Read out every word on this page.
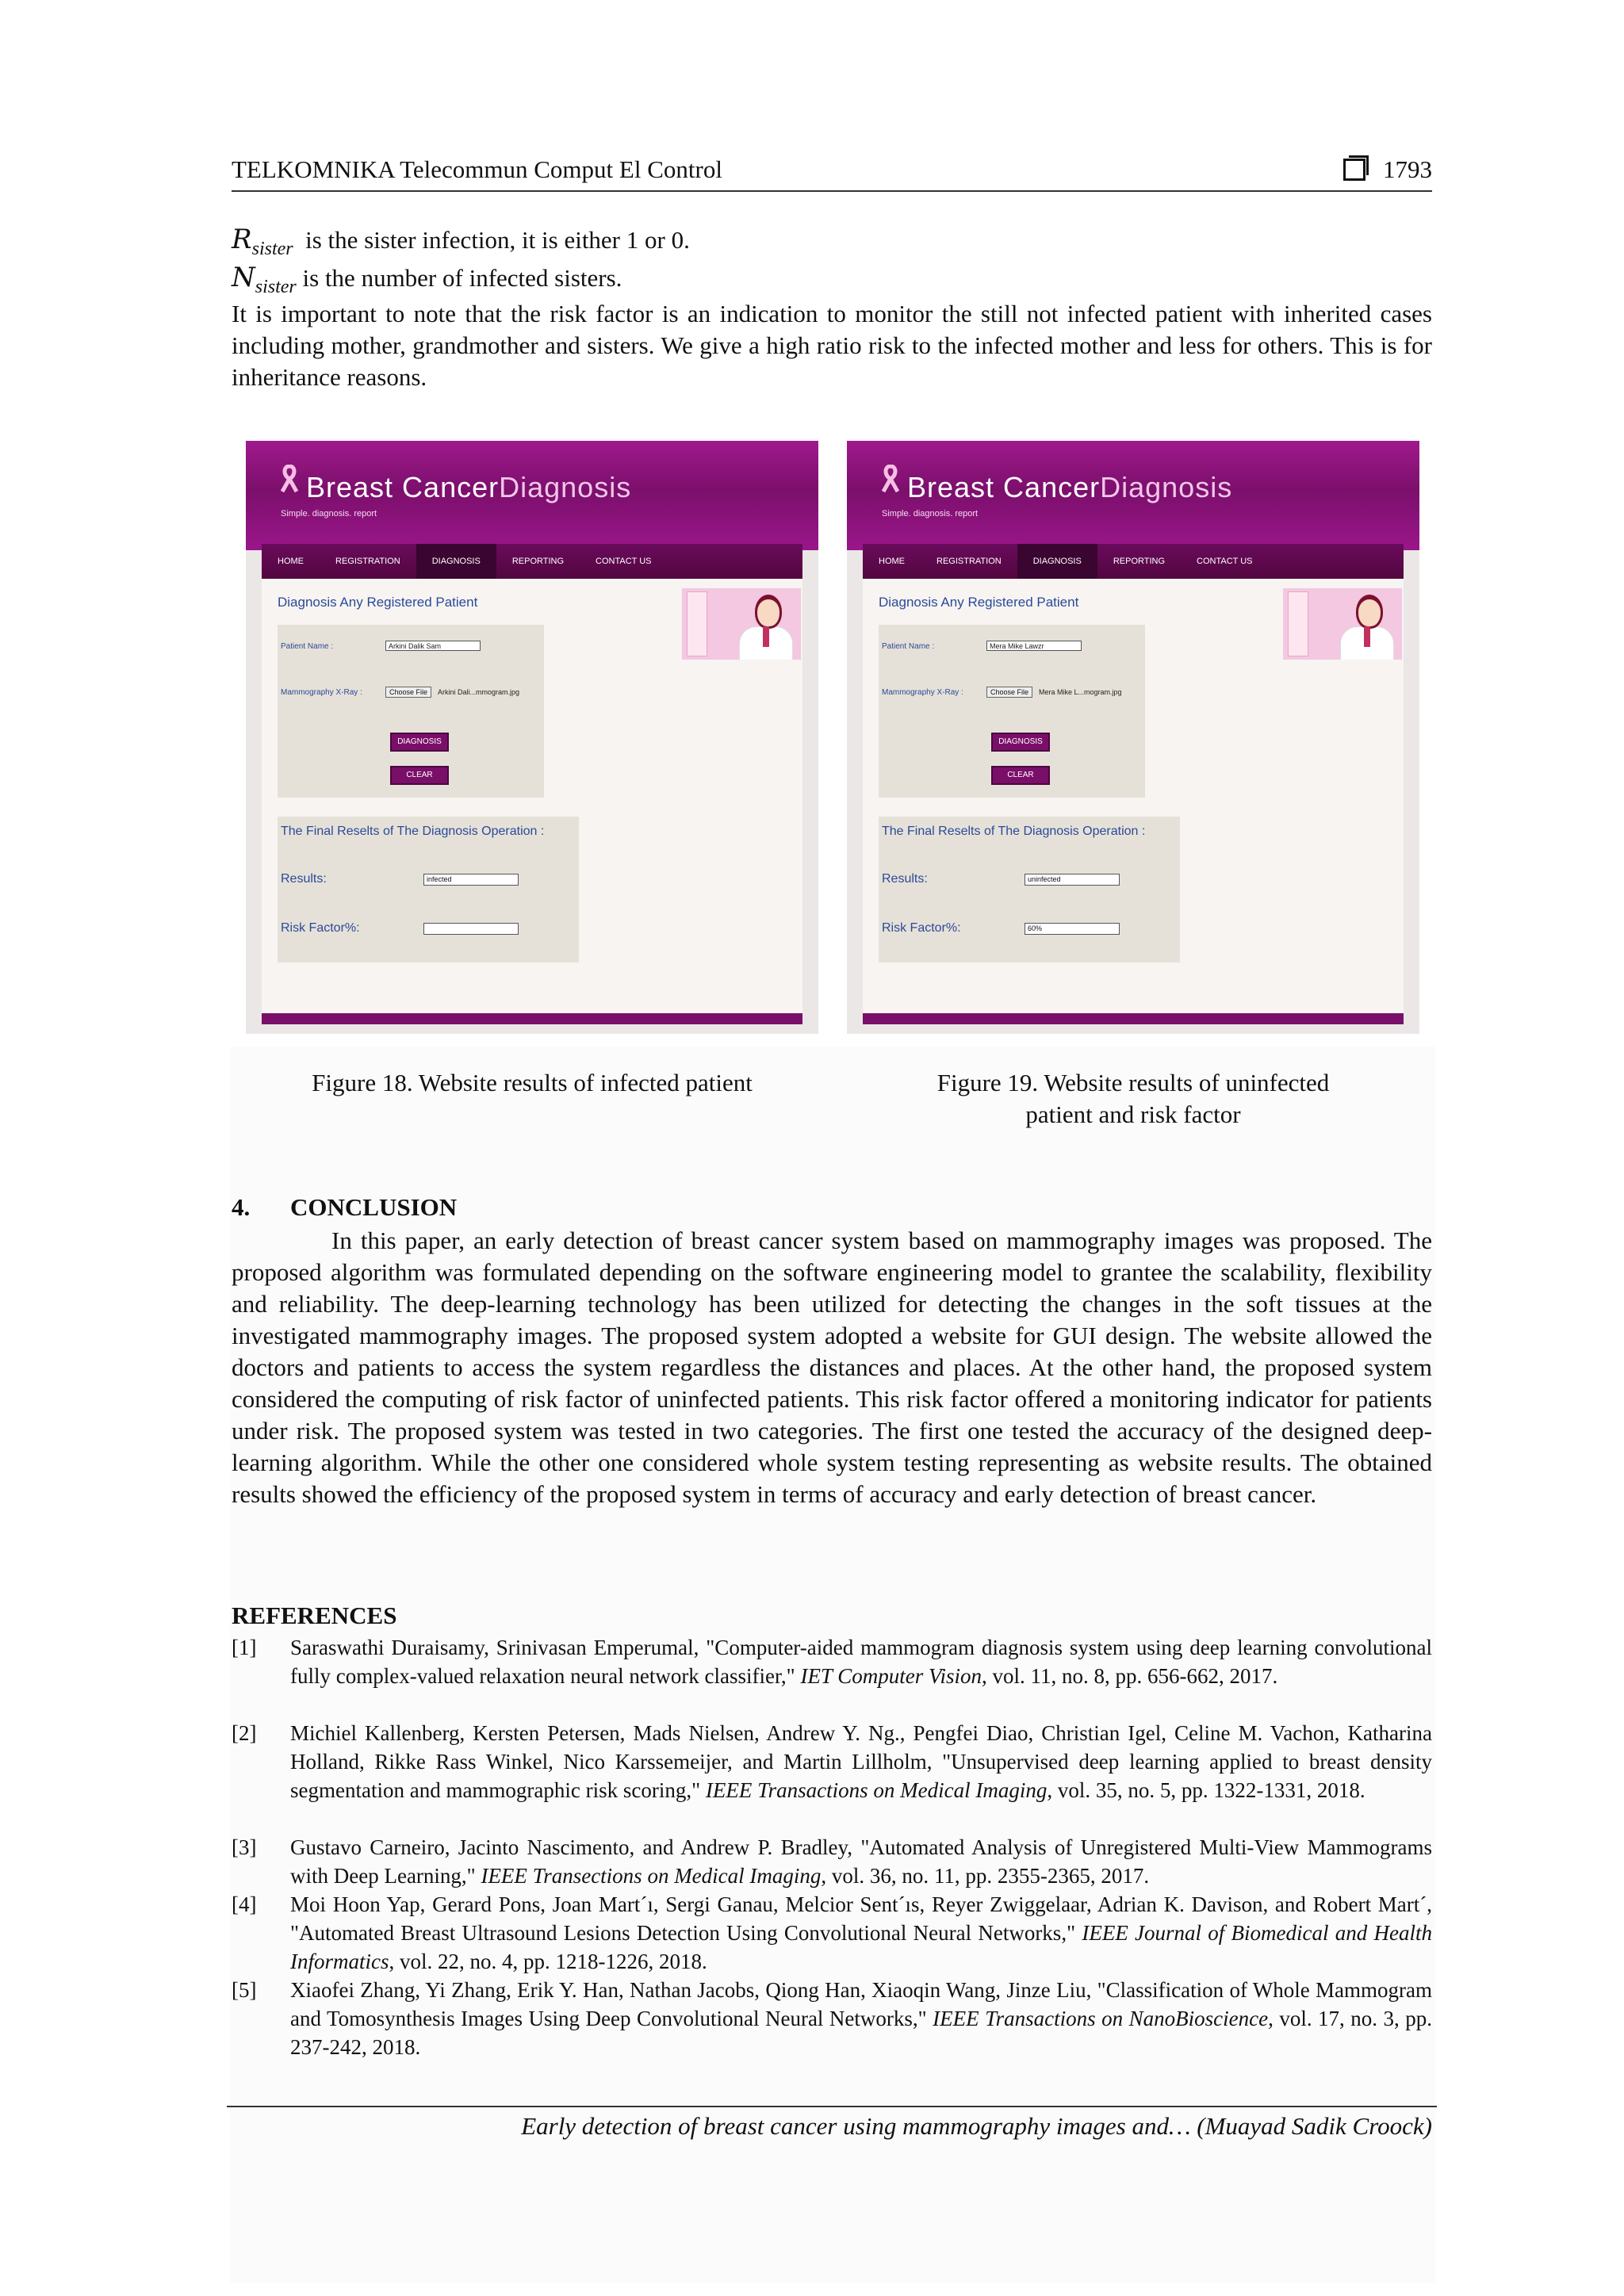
TELKOMNIKA Telecommun Comput El Control	1793
$R_{sister}$ is the sister infection, it is either 1 or 0.
$N_{sister}$ is the number of infected sisters.
It is important to note that the risk factor is an indication to monitor the still not infected patient with inherited cases including mother, grandmother and sisters. We give a high ratio risk to the infected mother and less for others. This is for inheritance reasons.
Breast CancerDiagnosis
Simple. diagnosis. report
HOME	REGISTRATION	DIAGNOSIS	REPORTING	CONTACT US
Diagnosis Any Registered Patient
Patient Name :	Arkini Dalik Sam
Mammography X-Ray :	Choose File	Arkini Dali...mmogram.jpg
DIAGNOSIS
CLEAR
The Final Reselts of The Diagnosis Operation :
Results:	infected
Risk Factor%:
Breast CancerDiagnosis
Simple. diagnosis. report
HOME	REGISTRATION	DIAGNOSIS	REPORTING	CONTACT US
Diagnosis Any Registered Patient
Patient Name :	Mera Mike Lawzr
Mammography X-Ray :	Choose File	Mera Mike L...mogram.jpg
DIAGNOSIS
CLEAR
The Final Reselts of The Diagnosis Operation :
Results:	uninfected
Risk Factor%:	60%
Figure 18. Website results of infected patient	Figure 19. Website results of uninfected
patient and risk factor
4. CONCLUSION
In this paper, an early detection of breast cancer system based on mammography images was proposed. The proposed algorithm was formulated depending on the software engineering model to grantee the scalability, flexibility and reliability. The deep-learning technology has been utilized for detecting the changes in the soft tissues at the investigated mammography images. The proposed system adopted a website for GUI design. The website allowed the doctors and patients to access the system regardless the distances and places. At the other hand, the proposed system considered the computing of risk factor of uninfected patients. This risk factor offered a monitoring indicator for patients under risk. The proposed system was tested in two categories. The first one tested the accuracy of the designed deep-learning algorithm. While the other one considered whole system testing representing as website results. The obtained results showed the efficiency of the proposed system in terms of accuracy and early detection of breast cancer.
REFERENCES
[1] Saraswathi Duraisamy, Srinivasan Emperumal, "Computer-aided mammogram diagnosis system using deep learning convolutional fully complex-valued relaxation neural network classifier," IET Computer Vision, vol. 11, no. 8, pp. 656-662, 2017.
[2] Michiel Kallenberg, Kersten Petersen, Mads Nielsen, Andrew Y. Ng., Pengfei Diao, Christian Igel, Celine M. Vachon, Katharina Holland, Rikke Rass Winkel, Nico Karssemeijer, and Martin Lillholm, "Unsupervised deep learning applied to breast density segmentation and mammographic risk scoring," IEEE Transactions on Medical Imaging, vol. 35, no. 5, pp. 1322-1331, 2018.
[3] Gustavo Carneiro, Jacinto Nascimento, and Andrew P. Bradley, "Automated Analysis of Unregistered Multi-View Mammograms with Deep Learning," IEEE Transections on Medical Imaging, vol. 36, no. 11, pp. 2355-2365, 2017.
[4] Moi Hoon Yap, Gerard Pons, Joan Mart´ı, Sergi Ganau, Melcior Sent´ıs, Reyer Zwiggelaar, Adrian K. Davison, and Robert Mart´, "Automated Breast Ultrasound Lesions Detection Using Convolutional Neural Networks," IEEE Journal of Biomedical and Health Informatics, vol. 22, no. 4, pp. 1218-1226, 2018.
[5] Xiaofei Zhang, Yi Zhang, Erik Y. Han, Nathan Jacobs, Qiong Han, Xiaoqin Wang, Jinze Liu, "Classification of Whole Mammogram and Tomosynthesis Images Using Deep Convolutional Neural Networks," IEEE Transactions on NanoBioscience, vol. 17, no. 3, pp. 237-242, 2018.
Early detection of breast cancer using mammography images and… (Muayad Sadik Croock)
